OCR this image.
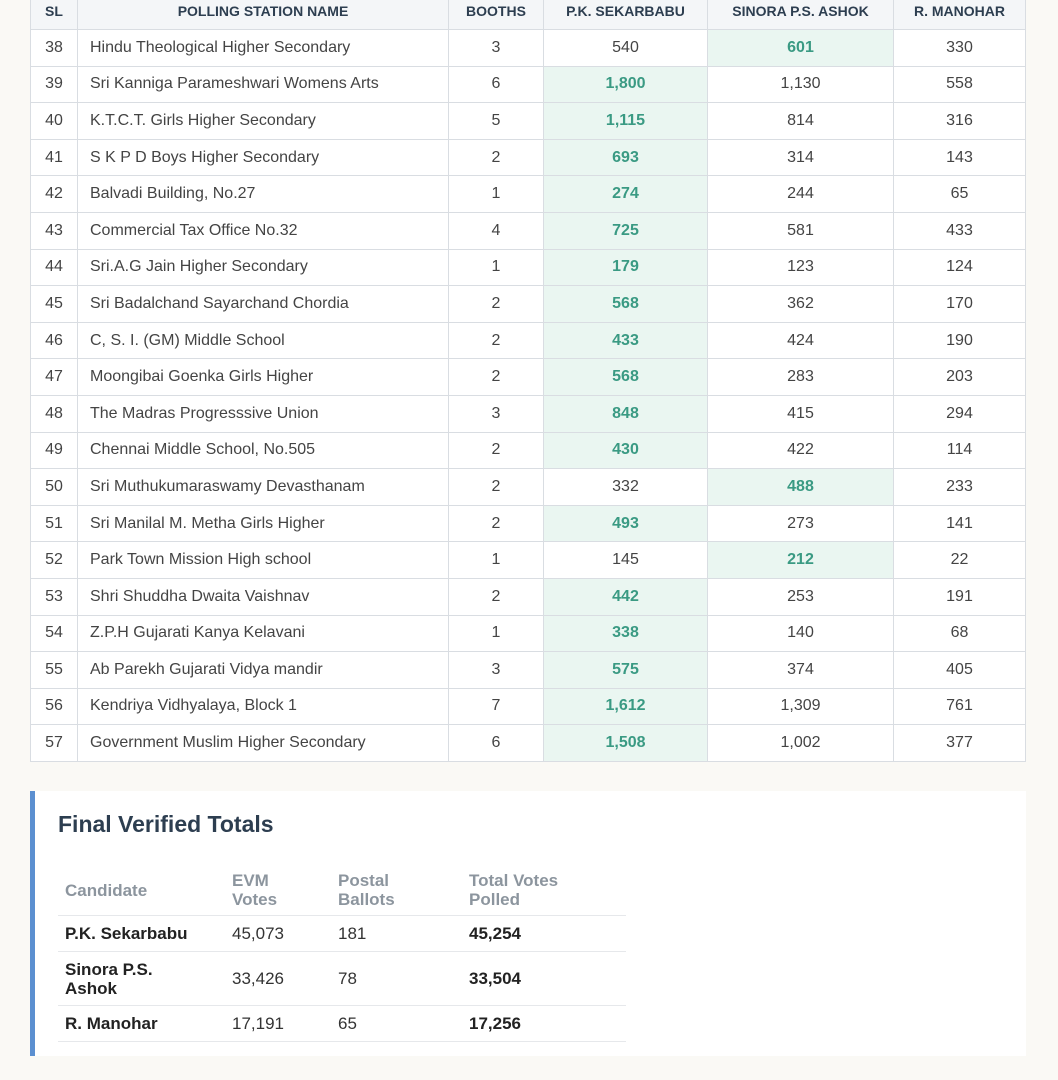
SL	POLLING STATION NAME	BOOTHS	P.K. SEKARBABU	SINORA P.S. ASHOK	R. MANOHAR
38	Hindu Theological Higher Secondary	3	540	601	330
39	Sri Kanniga Parameshwari Womens Arts	6	1,800	1,130	558
40	K.T.C.T. Girls Higher Secondary	5	1,115	814	316
41	S K P D Boys Higher Secondary	2	693	314	143
42	Balvadi Building, No.27	1	274	244	65
43	Commercial Tax Office No.32	4	725	581	433
44	Sri.A.G Jain Higher Secondary	1	179	123	124
45	Sri Badalchand Sayarchand Chordia	2	568	362	170
46	C, S. I. (GM) Middle School	2	433	424	190
47	Moongibai Goenka Girls Higher	2	568	283	203
48	The Madras Progresssive Union	3	848	415	294
49	Chennai Middle School, No.505	2	430	422	114
50	Sri Muthukumaraswamy Devasthanam	2	332	488	233
51	Sri Manilal M. Metha Girls Higher	2	493	273	141
52	Park Town Mission High school	1	145	212	22
53	Shri Shuddha Dwaita Vaishnav	2	442	253	191
54	Z.P.H Gujarati Kanya Kelavani	1	338	140	68
55	Ab Parekh Gujarati Vidya mandir	3	575	374	405
56	Kendriya Vidhyalaya, Block 1	7	1,612	1,309	761
57	Government Muslim Higher Secondary	6	1,508	1,002	377
Final Verified Totals
Candidate	EVM Votes	Postal Ballots	Total Votes Polled
P.K. Sekarbabu	45,073	181	45,254
Sinora P.S. Ashok	33,426	78	33,504
R. Manohar	17,191	65	17,256
